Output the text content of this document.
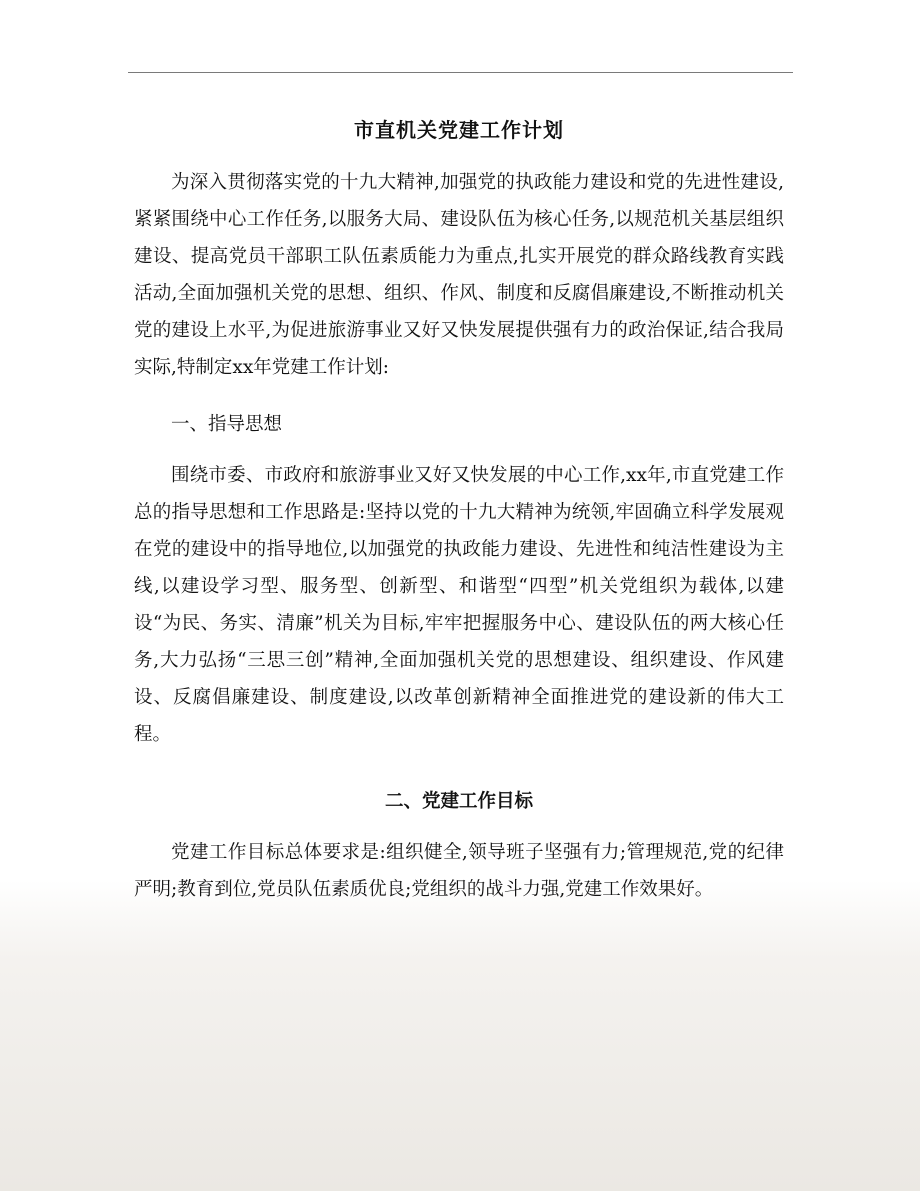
市直机关党建工作计划

为深入贯彻落实党的十九大精神,加强党的执政能力建设和党的先进性建设,紧紧围绕中心工作任务,以服务大局、建设队伍为核心任务,以规范机关基层组织建设、提高党员干部职工队伍素质能力为重点,扎实开展党的群众路线教育实践活动,全面加强机关党的思想、组织、作风、制度和反腐倡廉建设,不断推动机关党的建设上水平,为促进旅游事业又好又快发展提供强有力的政治保证,结合我局实际,特制定xx年党建工作计划:

一、指导思想

围绕市委、市政府和旅游事业又好又快发展的中心工作,xx年,市直党建工作总的指导思想和工作思路是:坚持以党的十九大精神为统领,牢固确立科学发展观在党的建设中的指导地位,以加强党的执政能力建设、先进性和纯洁性建设为主线,以建设学习型、服务型、创新型、和谐型“四型”机关党组织为载体,以建设“为民、务实、清廉”机关为目标,牢牢把握服务中心、建设队伍的两大核心任务,大力弘扬“三思三创”精神,全面加强机关党的思想建设、组织建设、作风建设、反腐倡廉建设、制度建设,以改革创新精神全面推进党的建设新的伟大工程。

二、党建工作目标

党建工作目标总体要求是:组织健全,领导班子坚强有力;管理规范,党的纪律严明;教育到位,党员队伍素质优良;党组织的战斗力强,党建工作效果好。
